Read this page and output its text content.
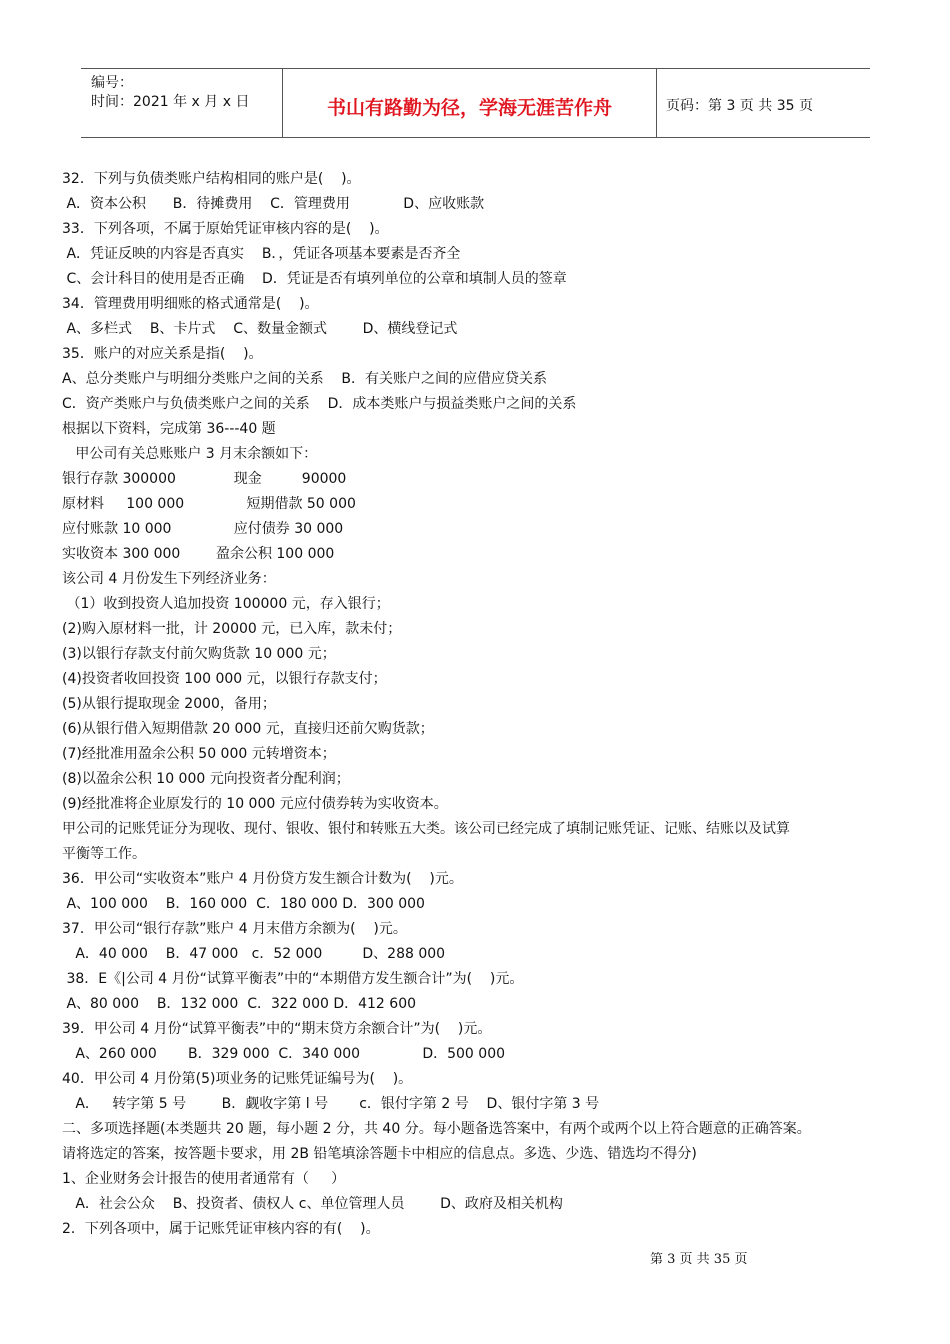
编号：
时间：2021 年 x 月 x 日	书山有路勤为径，学海无涯苦作舟	页码：第 3 页 共 35 页
32．下列与负债类账户结构相同的账户是(    )。
A．资本公积      B．待摊费用    C．管理费用            D、应收账款
33．下列各项，不属于原始凭证审核内容的是(    )。
A．凭证反映的内容是否真实    B．，凭证各项基本要素是否齐全
C、会计科目的使用是否正确    D．凭证是否有填列单位的公章和填制人员的签章
34．管理费用明细账的格式通常是(    )。
A、多栏式    B、卡片式    C、数量金额式        D、横线登记式
35．账户的对应关系是指(    )。
A、总分类账户与明细分类账户之间的关系    B．有关账户之间的应借应贷关系
C．资产类账户与负债类账户之间的关系    D．成本类账户与损益类账户之间的关系
根据以下资料，完成第 36---40 题
甲公司有关总账账户 3 月末余额如下：
银行存款 300000             现金         90000
原材料     100 000              短期借款 50 000
应付账款 10 000              应付债券 30 000
实收资本 300 000        盈余公积 100 000
该公司 4 月份发生下列经济业务：
（1）收到投资人追加投资 100000 元，存入银行；
(2)购入原材料一批，计 20000 元，已入库，款未付；
(3)以银行存款支付前欠购货款 10 000 元；
(4)投资者收回投资 100 000 元，以银行存款支付；
(5)从银行提取现金 2000，备用；
(6)从银行借入短期借款 20 000 元，直接归还前欠购货款；
(7)经批准用盈余公积 50 000 元转增资本；
(8)以盈余公积 10 000 元向投资者分配利润；
(9)经批准将企业原发行的 10 000 元应付债券转为实收资本。
甲公司的记账凭证分为现收、现付、银收、银付和转账五大类。该公司已经完成了填制记账凭证、记账、结账以及试算
平衡等工作。
36．甲公司“实收资本”账户 4 月份贷方发生额合计数为(    )元。
A、100 000    B．160 000  C．180 000 D．300 000
37．甲公司“银行存款”账户 4 月末借方余额为(    )元。
A．40 000    B．47 000   c．52 000         D、288 000
38．E《|公司 4 月份“试算平衡表”中的“本期借方发生额合计”为(    )元。
A、80 000    B．132 000  C．322 000 D．412 600
39．甲公司 4 月份“试算平衡表”中的“期末贷方余额合计”为(    )元。
A、260 000       B．329 000  C．340 000              D．500 000
40．甲公司 4 月份第(5)项业务的记账凭证编号为(    )。
A．   转字第 5 号        B．觑收字第 l 号       c．银付字第 2 号    D、银付字第 3 号
二、多项选择题(本类题共 20 题，每小题 2 分，共 40 分。每小题备选答案中，有两个或两个以上符合题意的正确答案。
请将选定的答案，按答题卡要求，用 2B 铅笔填涂答题卡中相应的信息点。多选、少选、错选均不得分)
1、企业财务会计报告的使用者通常有（     ）
A．社会公众    B、投资者、债权人 c、单位管理人员        D、政府及相关机构
2．下列各项中，属于记账凭证审核内容的有(    )。
第 3 页 共 35 页
